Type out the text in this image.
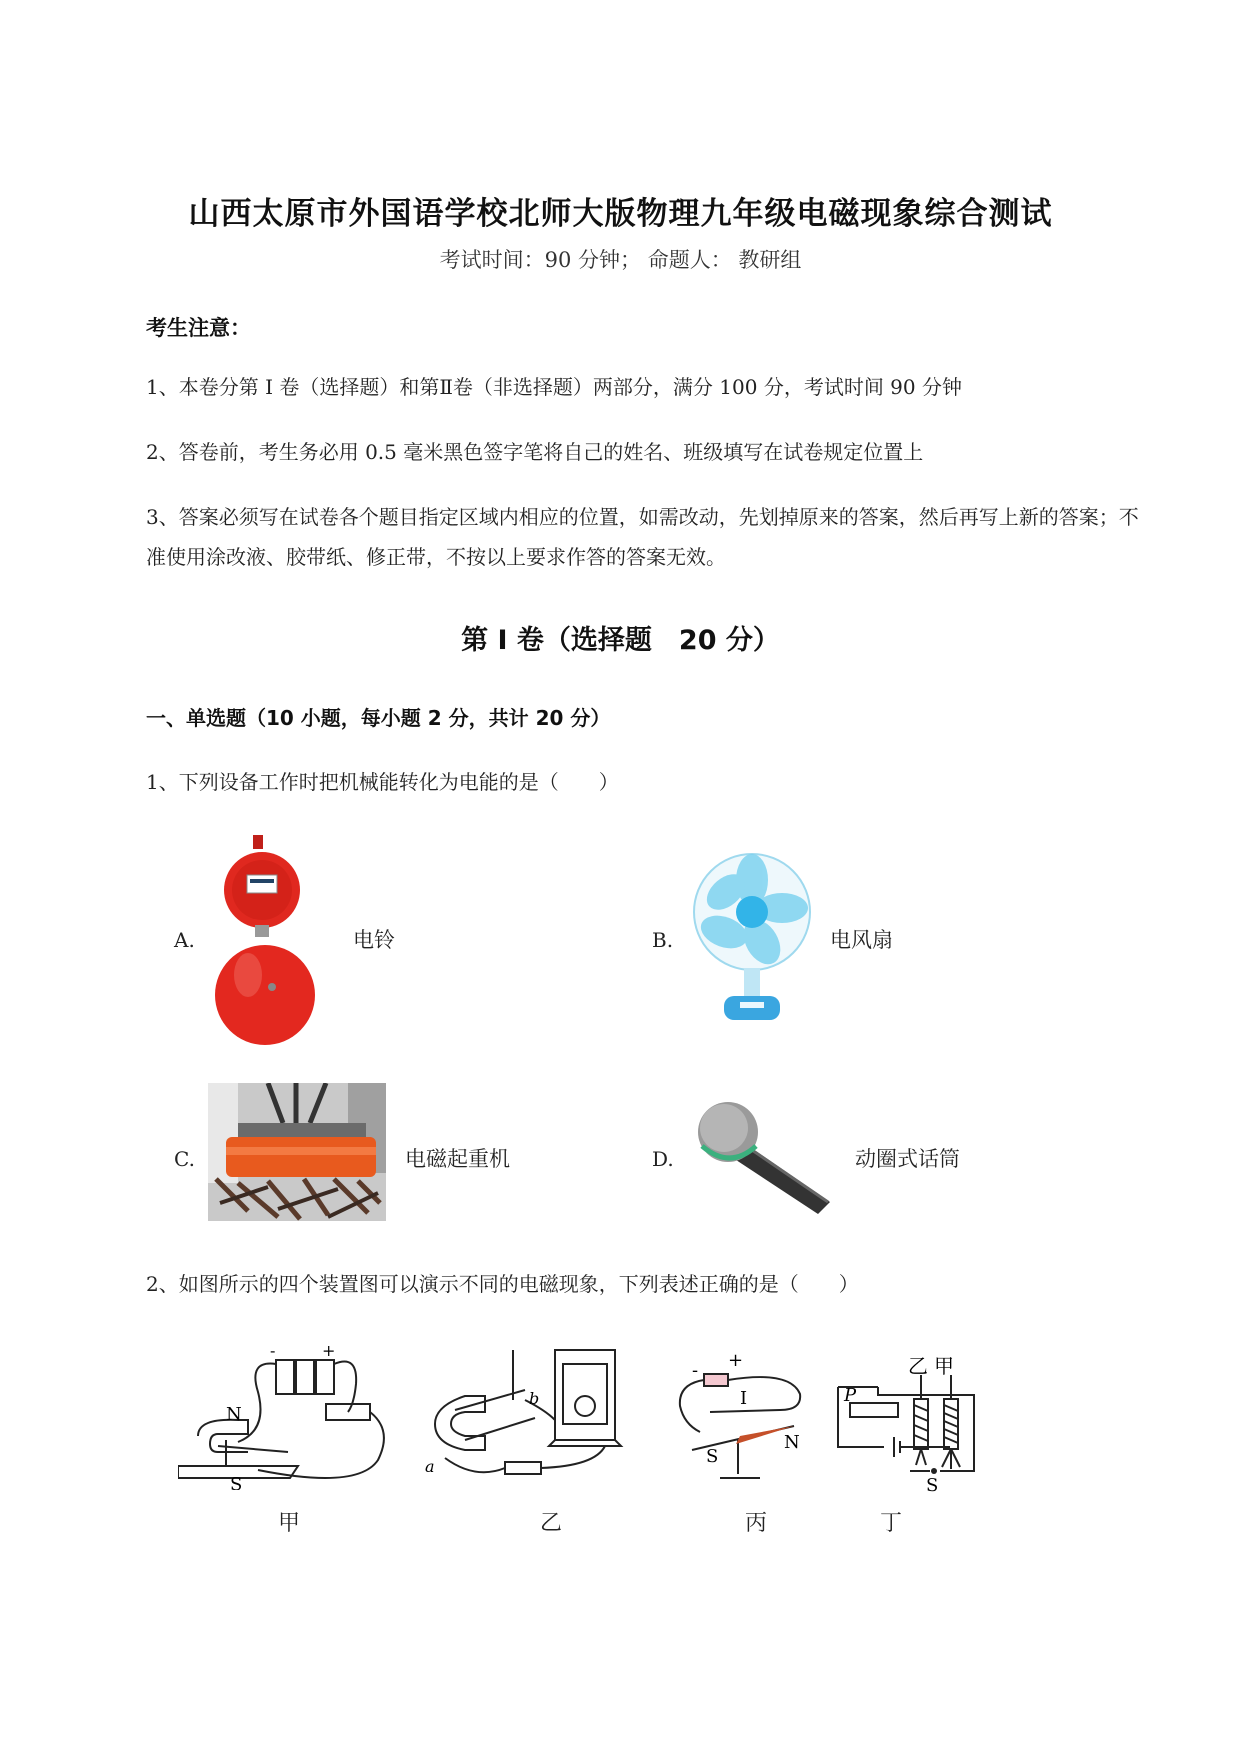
山西太原市外国语学校北师大版物理九年级电磁现象综合测试
考试时间：90 分钟； 命题人： 教研组
考生注意：
1、本卷分第 I 卷（选择题）和第Ⅱ卷（非选择题）两部分，满分 100 分，考试时间 90 分钟
2、答卷前，考生务必用 0.5 毫米黑色签字笔将自己的姓名、班级填写在试卷规定位置上
3、答案必须写在试卷各个题目指定区域内相应的位置，如需改动，先划掉原来的答案，然后再写上新的答案；不准使用涂改液、胶带纸、修正带，不按以上要求作答的答案无效。
第 I 卷（选择题　20 分）
一、单选题（10 小题，每小题 2 分，共计 20 分）
1、下列设备工作时把机械能转化为电能的是（　　）
A.	电铃	B.	电风扇
C.	电磁起重机	D.	动圈式话筒
2、如图所示的四个装置图可以演示不同的电磁现象，下列表述正确的是（　　）
N
S
-	+
甲
a
b
乙
- +
I
S
N
丙
乙 甲
P
S
丁
